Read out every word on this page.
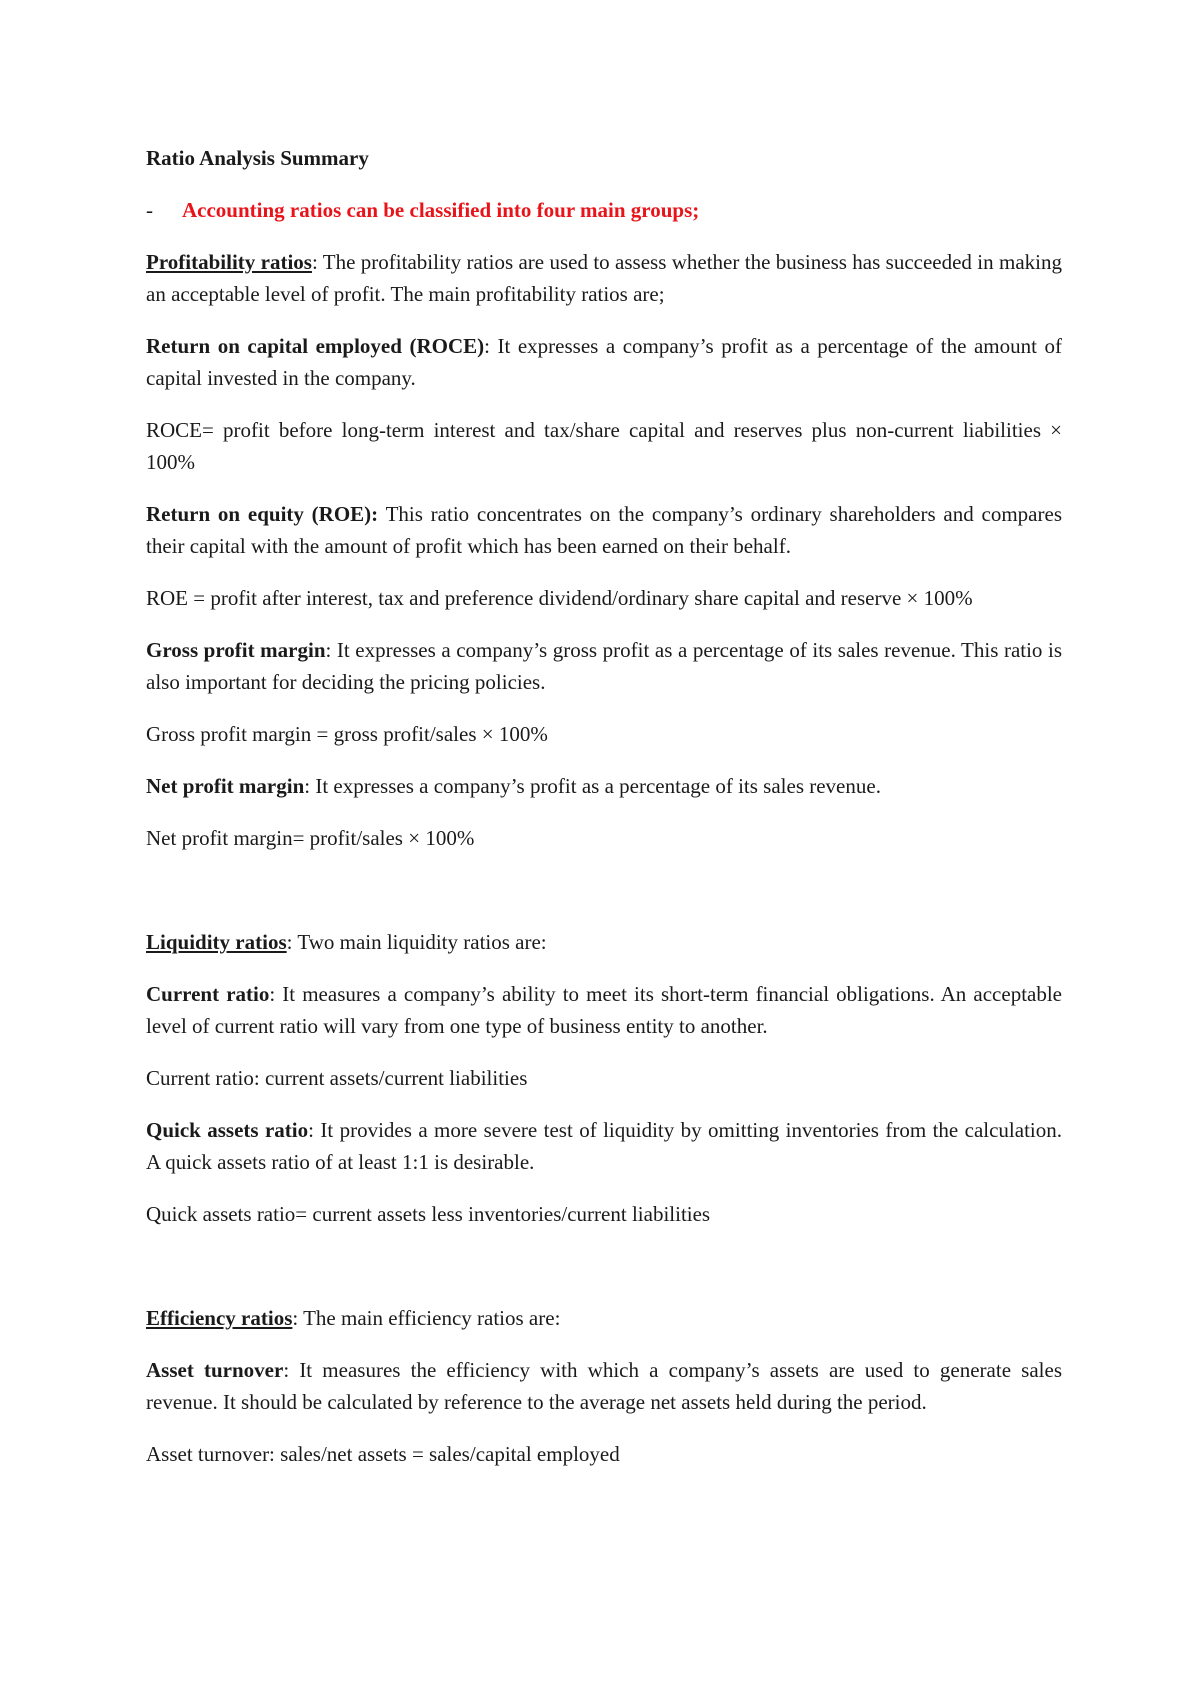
Ratio Analysis Summary
-	Accounting ratios can be classified into four main groups;

Profitability ratios: The profitability ratios are used to assess whether the business has succeeded in making an acceptable level of profit. The main profitability ratios are;

Return on capital employed (ROCE): It expresses a company’s profit as a percentage of the amount of capital invested in the company.

ROCE= profit before long-term interest and tax/share capital and reserves plus non-current liabilities × 100%

Return on equity (ROE): This ratio concentrates on the company’s ordinary shareholders and compares their capital with the amount of profit which has been earned on their behalf.

ROE = profit after interest, tax and preference dividend/ordinary share capital and reserve × 100%

Gross profit margin: It expresses a company’s gross profit as a percentage of its sales revenue. This ratio is also important for deciding the pricing policies.

Gross profit margin = gross profit/sales × 100%

Net profit margin: It expresses a company’s profit as a percentage of its sales revenue.

Net profit margin= profit/sales × 100%

Liquidity ratios: Two main liquidity ratios are:

Current ratio: It measures a company’s ability to meet its short-term financial obligations. An acceptable level of current ratio will vary from one type of business entity to another.

Current ratio: current assets/current liabilities

Quick assets ratio: It provides a more severe test of liquidity by omitting inventories from the calculation. A quick assets ratio of at least 1:1 is desirable.

Quick assets ratio= current assets less inventories/current liabilities

Efficiency ratios: The main efficiency ratios are:

Asset turnover: It measures the efficiency with which a company’s assets are used to generate sales revenue. It should be calculated by reference to the average net assets held during the period.

Asset turnover: sales/net assets = sales/capital employed
